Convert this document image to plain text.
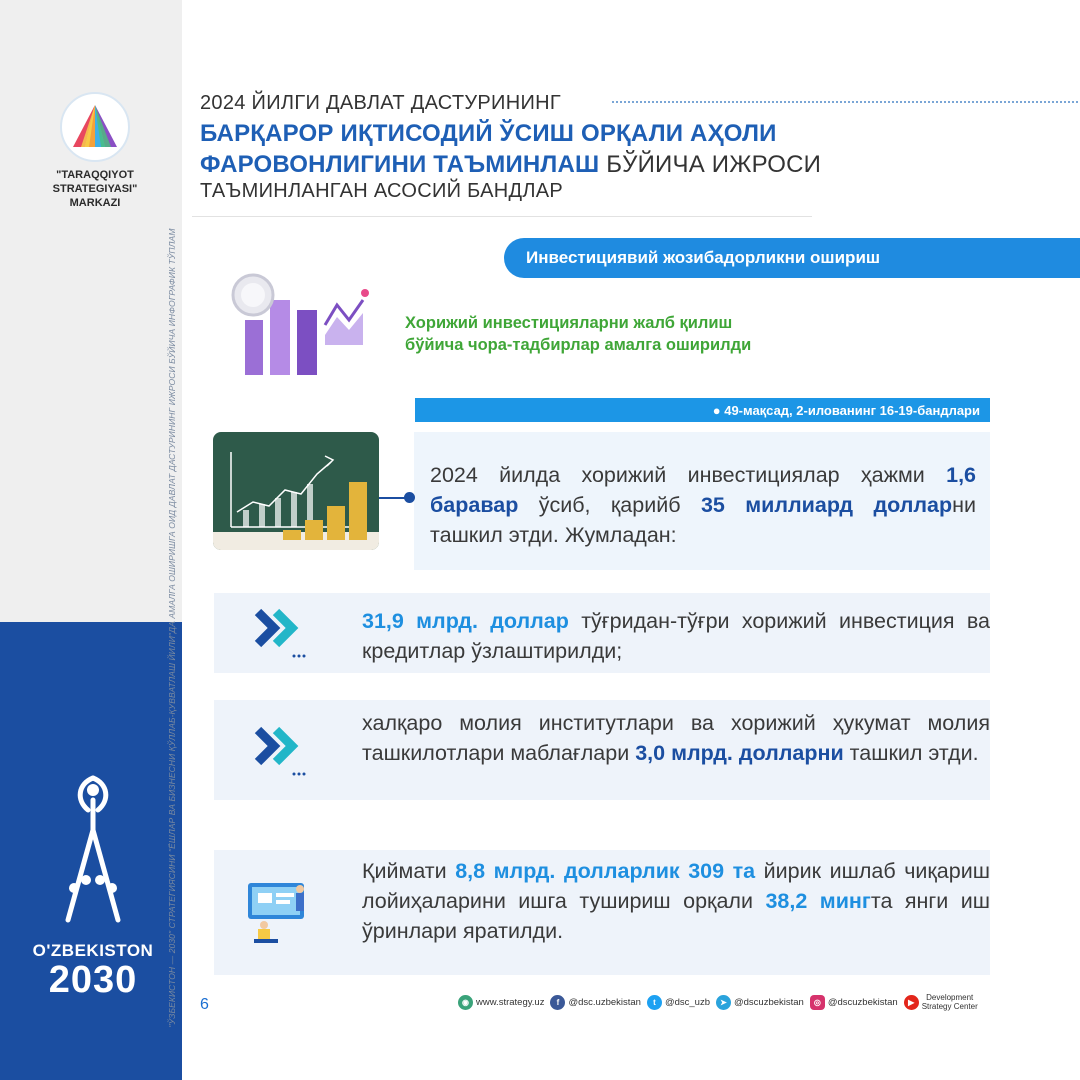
"TARAQQIYOT STRATEGIYASI"
MARKAZI
"ЎЗБЕКИСТОН — 2030" СТРАТЕГИЯСИНИ "ЁШЛАР ВА БИЗНЕСНИ ҚЎЛЛАБ-ҚУВВАТЛАШ ЙИЛИ"ДА АМАЛГА ОШИРИШГА ОИД ДАВЛАТ ДАСТУРИНИНГ ИЖРОСИ БЎЙИЧА ИНФОГРАФИК ТЎПЛАМ
O'ZBEKISTON
2030
6
2024 ЙИЛГИ ДАВЛАТ ДАСТУРИНИНГ
БАРҚАРОР ИҚТИСОДИЙ ЎСИШ ОРҚАЛИ АҲОЛИ
ФАРОВОНЛИГИНИ ТАЪМИНЛАШ БЎЙИЧА ИЖРОСИ
ТАЪМИНЛАНГАН АСОСИЙ БАНДЛАР
Инвестициявий жозибадорликни ошириш
Хорижий инвестицияларни жалб қилиш
бўйича чора-тадбирлар амалга оширилди
● 49-мақсад, 2-илованинг 16-19-бандлари
2024 йилда хорижий инвестициялар ҳажми 1,6 баравар ўсиб, қарийб 35 миллиард долларни ташкил этди. Жумладан:
31,9 млрд. доллар тўғридан-тўғри хорижий инвестиция ва кредитлар ўзлаштирилди;
халқаро молия институтлари ва хорижий ҳукумат молия ташкилотлари маблағлари 3,0 млрд. долларни ташкил этди.
Қиймати 8,8 млрд. долларлик 309 та йирик ишлаб чиқариш лойиҳаларини ишга тушириш орқали 38,2 мингта янги иш ўринлари яратилди.
◉ www.strategy.uz	f @dsc.uzbekistan	t @dsc_uzb	➤ @dscuzbekistan	◎ @dscuzbekistan	▶	Development
Strategy Center
